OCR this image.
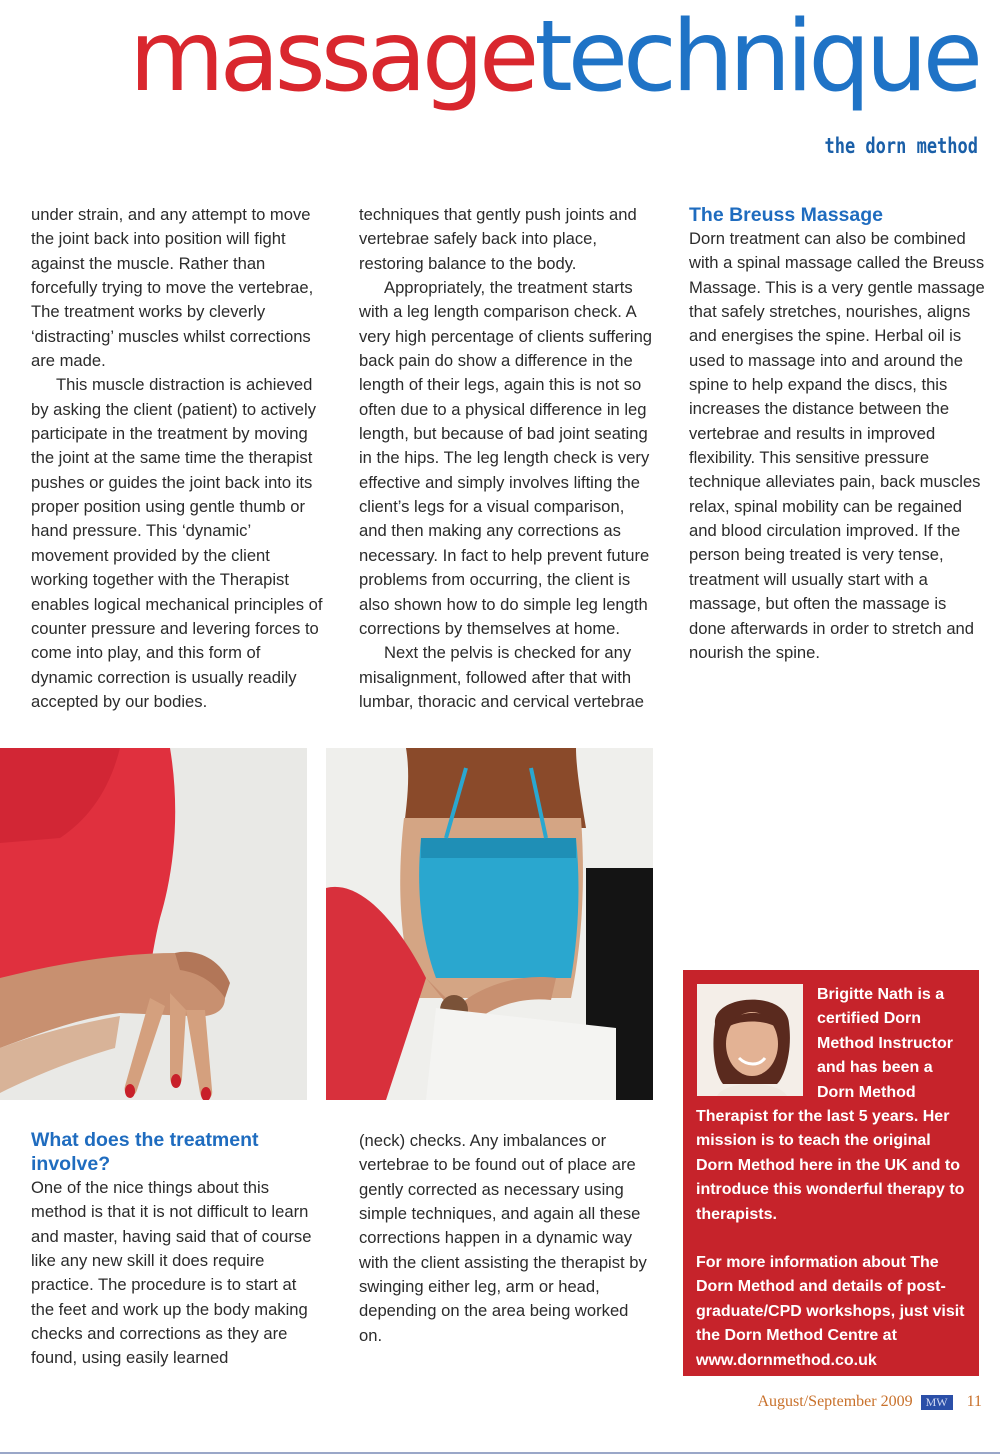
massagetechnique
the dorn method

under strain, and any attempt to move the joint back into position will fight against the muscle. Rather than forcefully trying to move the vertebrae, The treatment works by cleverly ‘distracting’ muscles whilst corrections are made.

This muscle distraction is achieved by asking the client (patient) to actively participate in the treatment by moving the joint at the same time the therapist pushes or guides the joint back into its proper position using gentle thumb or hand pressure. This ‘dynamic’ movement provided by the client working together with the Therapist enables logical mechanical principles of counter pressure and levering forces to come into play, and this form of dynamic correction is usually readily accepted by our bodies.

techniques that gently push joints and vertebrae safely back into place, restoring balance to the body.

Appropriately, the treatment starts with a leg length comparison check. A very high percentage of clients suffering back pain do show a difference in the length of their legs, again this is not so often due to a physical difference in leg length, but because of bad joint seating in the hips. The leg length check is very effective and simply involves lifting the client’s legs for a visual comparison, and then making any corrections as necessary. In fact to help prevent future problems from occurring, the client is also shown how to do simple leg length corrections by themselves at home.

Next the pelvis is checked for any misalignment, followed after that with lumbar, thoracic and cervical vertebrae

The Breuss Massage

Dorn treatment can also be combined with a spinal massage called the Breuss Massage. This is a very gentle massage that safely stretches, nourishes, aligns and energises the spine. Herbal oil is used to massage into and around the spine to help expand the discs, this increases the distance between the vertebrae and results in improved flexibility. This sensitive pressure technique alleviates pain, back muscles relax, spinal mobility can be regained and blood circulation improved. If the person being treated is very tense, treatment will usually start with a massage, but often the massage is done afterwards in order to stretch and nourish the spine.

What does the treatment involve?

One of the nice things about this method is that it is not difficult to learn and master, having said that of course like any new skill it does require practice. The procedure is to start at the feet and work up the body making checks and corrections as they are found, using easily learned

(neck) checks. Any imbalances or vertebrae to be found out of place are gently corrected as necessary using simple techniques, and again all these corrections happen in a dynamic way with the client assisting the therapist by swinging either leg, arm or head, depending on the area being worked on.

Brigitte Nath is a certified Dorn Method Instructor and has been a Dorn Method

Therapist for the last 5 years. Her mission is to teach the original Dorn Method here in the UK and to introduce this wonderful therapy to therapists.

For more information about The Dorn Method and details of post-graduate/CPD workshops, just visit the Dorn Method Centre at www.dornmethod.co.uk

August/September 2009	MW	11
